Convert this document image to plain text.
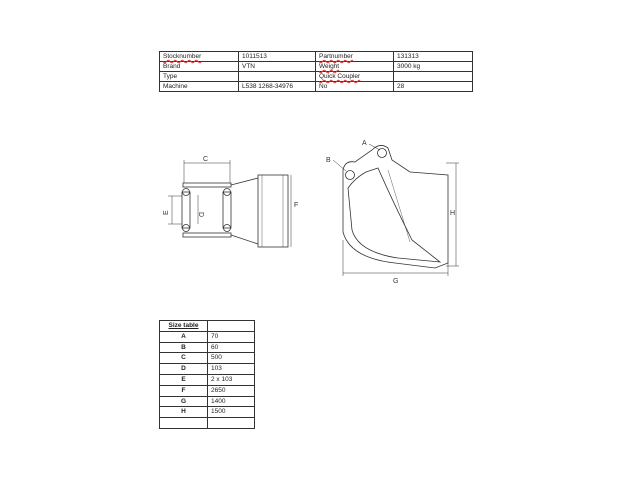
Stocknumber	1011513	Partnumber	131313
Brand	VTN	Weight	3000 kg
Type		Quick Coupler	
Machine	L538 1268-34976	No	28
C
D
E
F
A
B
G
H
Size table	
A	70
B	60
C	500
D	103
E	2 x 103
F	2650
G	1400
H	1500
